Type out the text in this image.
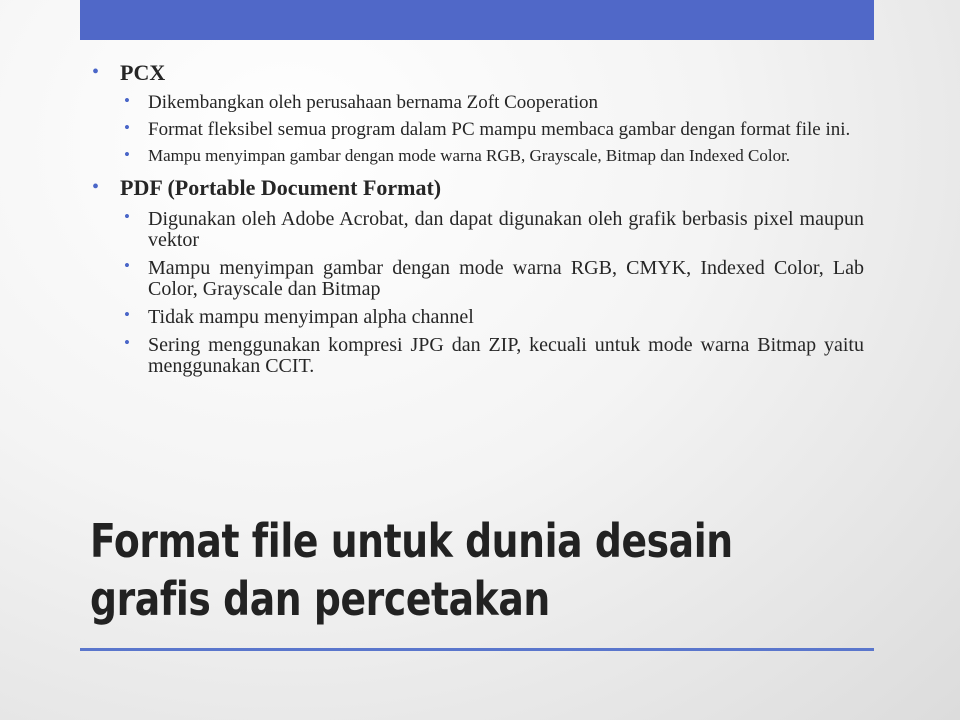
• PCX
• Dikembangkan oleh perusahaan bernama Zoft Cooperation
• Format fleksibel semua program dalam PC mampu membaca gambar dengan format file ini.
• Mampu menyimpan gambar dengan mode warna RGB, Grayscale, Bitmap dan Indexed Color.
• PDF (Portable Document Format)
• Digunakan oleh Adobe Acrobat, dan dapat digunakan oleh grafik berbasis pixel maupun vektor
• Mampu menyimpan gambar dengan mode warna RGB, CMYK, Indexed Color, Lab Color, Grayscale dan Bitmap
• Tidak mampu menyimpan alpha channel
• Sering menggunakan kompresi JPG dan ZIP, kecuali untuk mode warna Bitmap yaitu menggunakan CCIT.
Format file untuk dunia desain
grafis dan percetakan
